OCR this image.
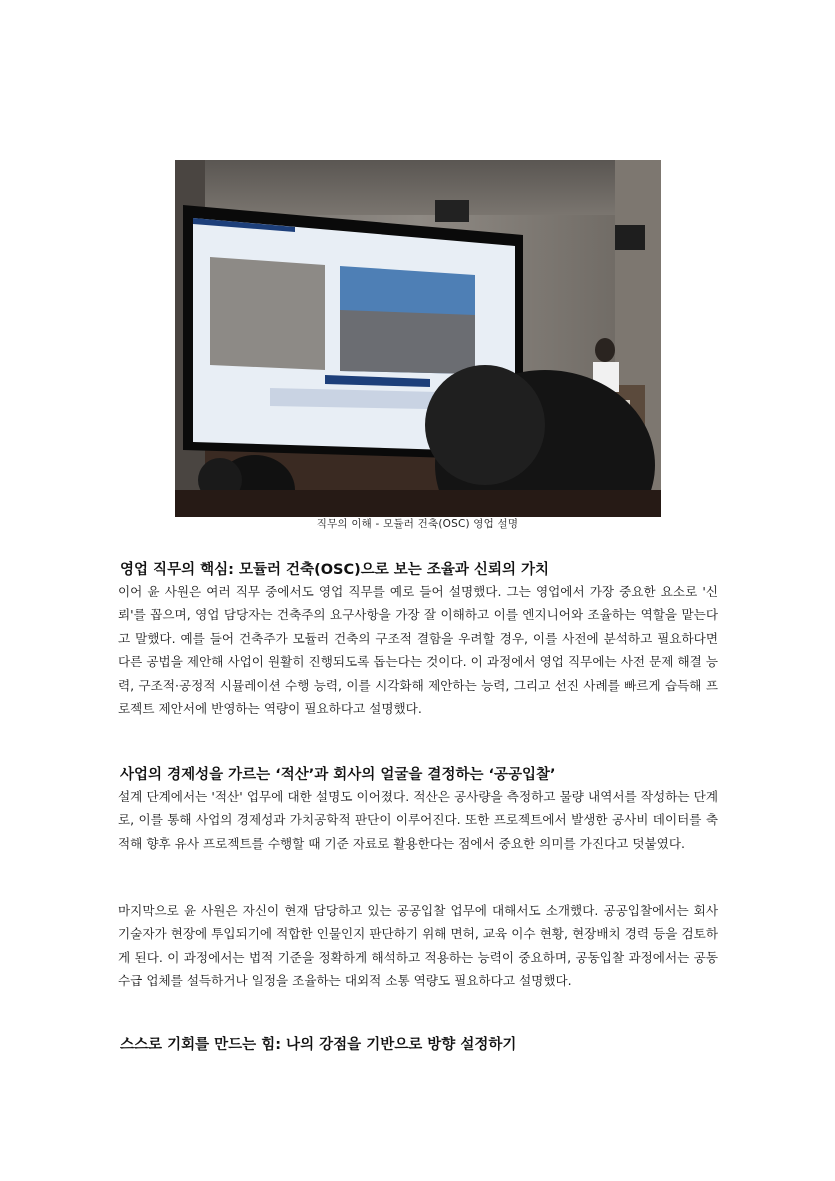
직무의 이해 - 모듈러 건축(OSC) 영업 설명
영업 직무의 핵심: 모듈러 건축(OSC)으로 보는 조율과 신뢰의 가치
이어 윤 사원은 여러 직무 중에서도 영업 직무를 예로 들어 설명했다. 그는 영업에서 가장 중요한 요소로 '신뢰'를 꼽으며, 영업 담당자는 건축주의 요구사항을 가장 잘 이해하고 이를 엔지니어와 조율하는 역할을 맡는다고 말했다. 예를 들어 건축주가 모듈러 건축의 구조적 결함을 우려할 경우, 이를 사전에 분석하고 필요하다면 다른 공법을 제안해 사업이 원활히 진행되도록 돕는다는 것이다. 이 과정에서 영업 직무에는 사전 문제 해결 능력, 구조적·공정적 시뮬레이션 수행 능력, 이를 시각화해 제안하는 능력, 그리고 선진 사례를 빠르게 습득해 프로젝트 제안서에 반영하는 역량이 필요하다고 설명했다.
사업의 경제성을 가르는 ‘적산’과 회사의 얼굴을 결정하는 ‘공공입찰’
설계 단계에서는 '적산' 업무에 대한 설명도 이어졌다. 적산은 공사량을 측정하고 물량 내역서를 작성하는 단계로, 이를 통해 사업의 경제성과 가치공학적 판단이 이루어진다. 또한 프로젝트에서 발생한 공사비 데이터를 축적해 향후 유사 프로젝트를 수행할 때 기준 자료로 활용한다는 점에서 중요한 의미를 가진다고 덧붙였다.
마지막으로 윤 사원은 자신이 현재 담당하고 있는 공공입찰 업무에 대해서도 소개했다. 공공입찰에서는 회사 기술자가 현장에 투입되기에 적합한 인물인지 판단하기 위해 면허, 교육 이수 현황, 현장배치 경력 등을 검토하게 된다. 이 과정에서는 법적 기준을 정확하게 해석하고 적용하는 능력이 중요하며, 공동입찰 과정에서는 공동수급 업체를 설득하거나 일정을 조율하는 대외적 소통 역량도 필요하다고 설명했다.
스스로 기회를 만드는 힘: 나의 강점을 기반으로 방향 설정하기
